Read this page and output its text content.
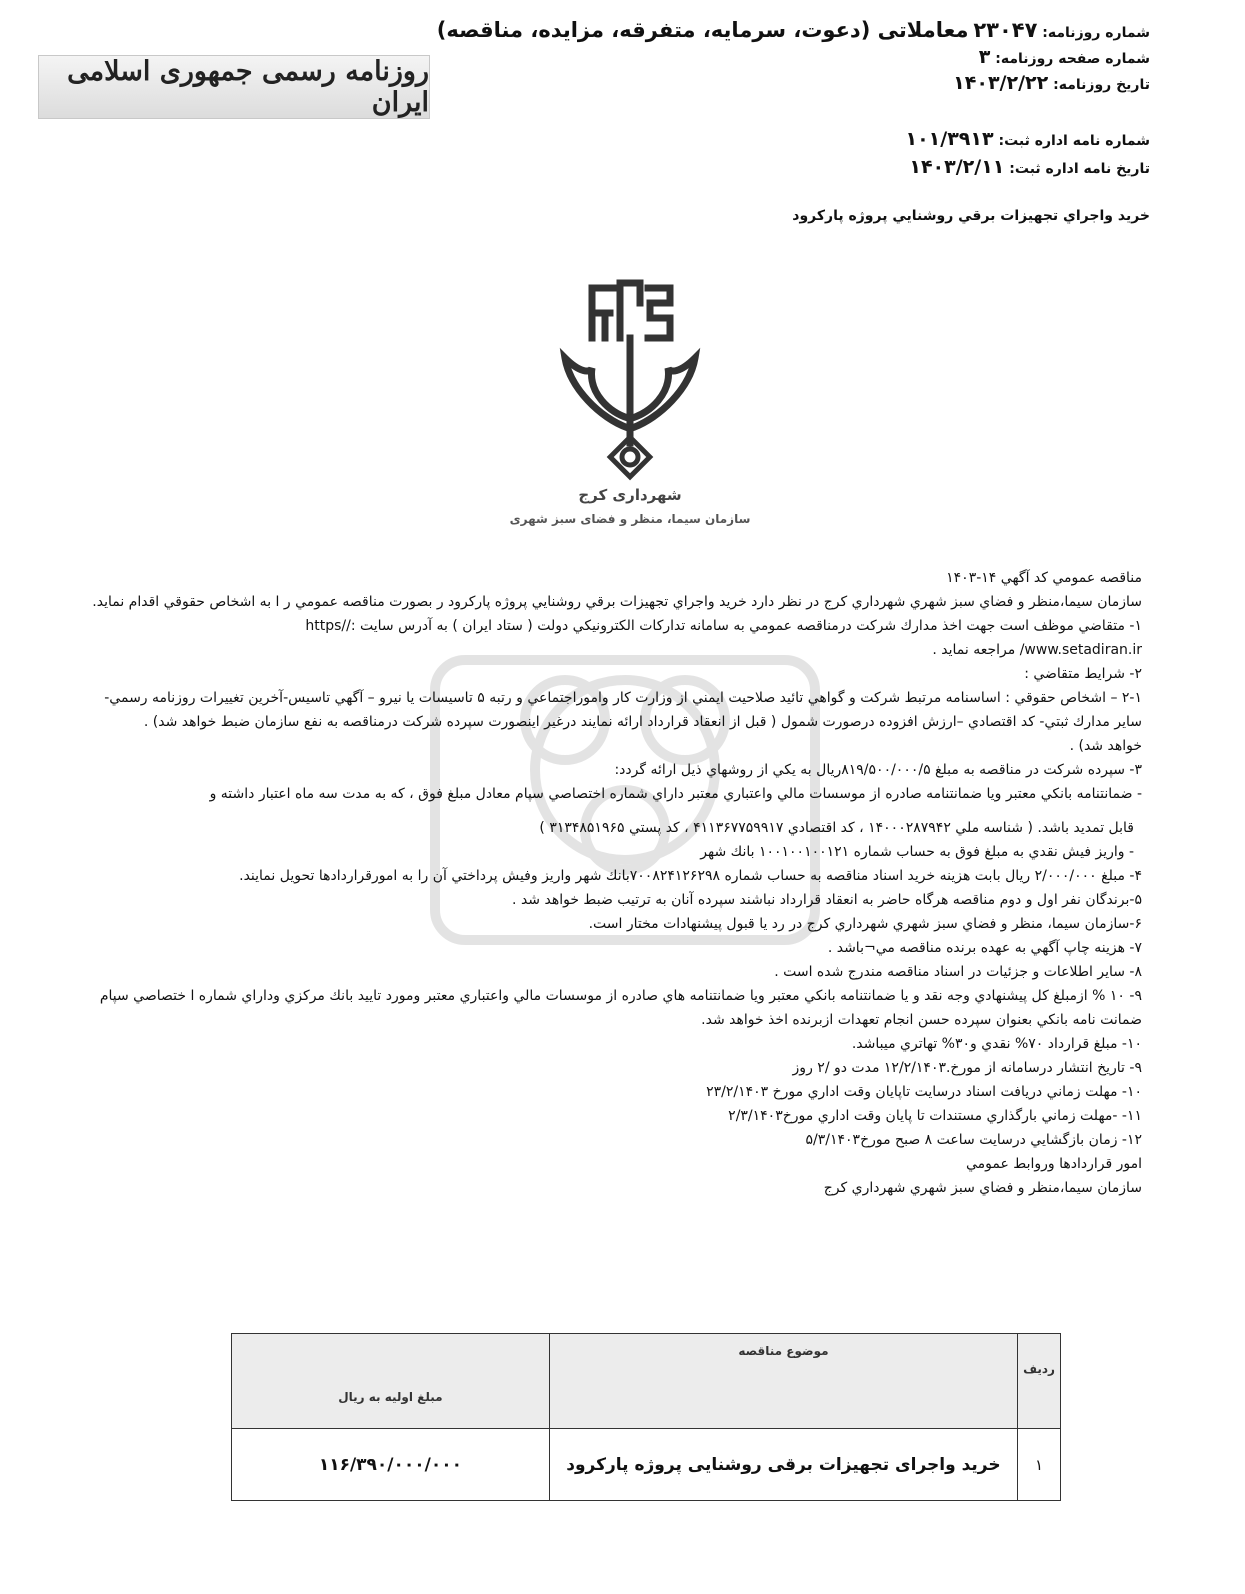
شماره روزنامه: ۲۳۰۴۷ معاملاتی (دعوت، سرمایه، متفرقه، مزایده، مناقصه)
شماره صفحه روزنامه: ۳
تاریخ روزنامه: ۱۴۰۳/۲/۲۲
روزنامه رسمی جمهوری اسلامی ایران
شماره نامه اداره ثبت: ۱۰۱/۳۹۱۳
تاریخ نامه اداره ثبت: ۱۴۰۳/۲/۱۱
خريد واجراي تجهيزات برقي روشنايي پروژه پاركرود
شهرداری کرج
سازمان سیما، منظر و فضای سبز شهری

مناقصه عمومي كد آگهي ۱۴-۱۴۰۳

سازمان سيما،منظر و فضاي سبز شهري شهرداري كرج در نظر دارد خريد واجراي تجهيزات برقي روشنايي پروژه پاركرود ر بصورت مناقصه عمومي ر ا به اشخاص حقوقي اقدام نمايد. ۱- متقاضي موظف است جهت اخذ مدارك شركت درمناقصه عمومي به سامانه تداركات الكترونيكي دولت ( ستاد ايران ) به آدرس سايت ://https

www.setadiran.ir/ مراجعه نمايد .

۲- شرايط متقاضي :

۲-۱ – اشخاص حقوقي : اساسنامه مرتبط شركت و گواهي تائيد صلاحيت ايمني از وزارت كار واموراجتماعي و رتبه ۵ تاسيسات يا نيرو – آگهي تاسيس-آخرين تغييرات روزنامه رسمي- ساير مدارك ثبتي- كد اقتصادي –ارزش افزوده درصورت شمول ( قبل از انعقاد قرارداد ارائه نمايند درغير اينصورت سپرده شركت درمناقصه به نفع سازمان ضبط خواهد شد) .

خواهد شد) .

۳- سپرده شركت در مناقصه به مبلغ ۸۱۹/۵۰۰/۰۰۰/۵ريال به يكي از روشهاي ذيل ارائه گردد:

- ضمانتنامه بانكي معتبر ويا ضمانتنامه صادره از موسسات مالي واعتباري معتبر داراي شماره اختصاصي سپام معادل مبلغ فوق ، كه به مدت سه ماه اعتبار داشته و

قابل تمديد باشد. ( شناسه ملي ۱۴۰۰۰۲۸۷۹۴۲ ، كد اقتصادي ۴۱۱۳۶۷۷۵۹۹۱۷ ، كد پستي ۳۱۳۴۸۵۱۹۶۵ )

- واريز فيش نقدي به مبلغ فوق به حساب شماره ۱۰۰۱۰۰۱۰۰۱۲۱ بانك شهر

۴- مبلغ ۲/۰۰۰/۰۰۰ ريال بابت هزينه خريد اسناد مناقصه به حساب شماره ۷۰۰۸۲۴۱۲۶۲۹۸بانك شهر واريز وفيش پرداختي آن را به امورقراردادها تحويل نمايند.

۵-برندگان نفر اول و دوم مناقصه هرگاه حاضر به انعقاد قرارداد نباشند سپرده آنان به ترتيب ضبط خواهد شد .

۶-سازمان سيما، منظر و فضاي سبز شهري شهرداري كرج در رد يا قبول پيشنهادات مختار است.

۷- هزينه چاپ آگهي به عهده برنده مناقصه مي¬باشد .

۸- ساير اطلاعات و جزئيات در اسناد مناقصه مندرج شده است .

۹- ۱۰ % ازمبلغ كل پيشنهادي وجه نقد و يا ضمانتنامه بانكي معتبر ويا ضمانتنامه هاي صادره از موسسات مالي واعتباري معتبر ومورد تاييد بانك مركزي وداراي شماره ا ختصاصي سپام ضمانت نامه بانكي بعنوان سپرده حسن انجام تعهدات ازبرنده اخذ خواهد شد.

۱۰- مبلغ قرارداد ۷۰% نقدي و۳۰% تهاتري ميباشد.

۹- تاريخ انتشار درسامانه از مورخ.۱۲/۲/۱۴۰۳ مدت دو /۲ روز

۱۰- مهلت زماني دريافت اسناد درسايت تاپايان وقت اداري مورخ ۲۳/۲/۱۴۰۳

۱۱- -مهلت زماني بارگذاري مستندات تا پايان وقت اداري مورخ۲/۳/۱۴۰۳

۱۲- زمان بازگشايي درسايت ساعت ۸ صبح مورخ۵/۳/۱۴۰۳

امور قراردادها وروابط عمومي

سازمان سيما،منظر و فضاي سبز شهري شهرداري كرج

رديف	موضوع مناقصه	مبلغ اوليه به ريال
۱	خرید واجرای تجهیزات برقی روشنایی پروژه پارکرود	۱۱۶/۳۹۰/۰۰۰/۰۰۰
